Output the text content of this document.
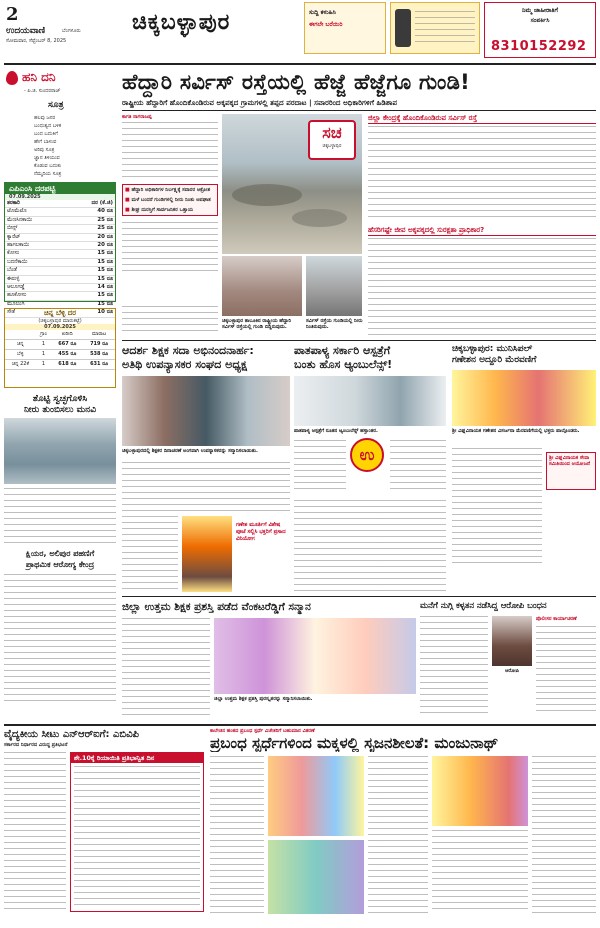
2
ಉದಯವಾಣಿ	ಬೆಂಗಳೂರು
ಸೋಮವಾರ, ಸೆಪ್ಟೆಂಬರ್ 8, 2025
ಚಿಕ್ಕಬಳ್ಳಾಪುರ	ಸುದ್ದಿ ಕಳುಹಿಸಿ
ಈಗಲೇ ಬರೆಯಿರಿ
ನಿಮ್ಮ ಜಾಹೀರಾತಿಗೆ
ಸಂಪರ್ಕಿಸಿ
8310152292
ಹನಿ ದನಿ
- ಪಿ.ಜಿ. ಸುಂದರರಾಜ್
ಸೂತ್ರ
ಹಲವು ಜನರ
ಬಂಧುತ್ವದ ಬಳಿಕ
ಬಂದ ಬದುಕಿಗೆ
ಹೇಗೆ ಬಾಳುವ
ಅರಿವು ಸೂತ್ರ
ಜ್ಞಾನ ತಿಳಿಯುವ
ಕೊಡುವ ಬದುಕು
ನೆಮ್ಮದಿಯ ಸೂತ್ರ
ಎಪಿಎಂಸಿ ದರಪಟ್ಟಿ
07.09.2025
ತರಕಾರಿ	ದರ (ಕೆ.ಜಿ)
ಟೊಮೆಟೊ	40 ರೂ
ಮೆಣಸಿನಕಾಯಿ	25 ರೂ
ಬೀನ್ಸ್	25 ರೂ
ಕ್ಯಾರೆಟ್	20 ರೂ
ಹಾಗಲಕಾಯಿ	20 ರೂ
ಕೋಸು	15 ರೂ
ಬದನೆಕಾಯಿ	15 ರೂ
ಬೆಂಡೆ	15 ರೂ
ಈರುಳ್ಳಿ	15 ರೂ
ಆಲೂಗಡ್ಡೆ	14 ರೂ
ಹೂಕೋಸು	15 ರೂ
ಮೂಲಂಗಿ	15 ರೂ
ಸೌತೆ	10 ರೂ
ಚಿನ್ನ ಬೆಳ್ಳಿ ದರ
(ಚಿಕ್ಕಬಳ್ಳಾಪುರ ಮಾರುಕಟ್ಟೆ)
07.09.2025
	ಗ್ರಾಂ	ಖರೀದಿ	ಮಾರಾಟ
ಚಿನ್ನ	1	667 ರೂ	719 ರೂ
ಬೆಳ್ಳಿ	1	455 ರೂ	538 ರೂ
ಚಿನ್ನ 22ಕೆ	1	618 ರೂ	631 ರೂ
ಹೆದ್ದಾರಿ ಸರ್ವಿಸ್ ರಸ್ತೆಯಲ್ಲಿ ಹೆಜ್ಜೆ ಹೆಜ್ಜೆಗೂ ಗುಂಡಿ!
ರಾಷ್ಟ್ರೀಯ ಹೆದ್ದಾರಿಗೆ ಹೊಂದಿಕೊಂಡಿರುವ ಅಕ್ಕಪಕ್ಕದ ಗ್ರಾಮಗಳಲ್ಲಿ ತಪ್ಪದ ಪರದಾಟ | ಸವಾರರಿಂದ ಅಧಿಕಾರಿಗಳಿಗೆ ಹಿಡಿಶಾಪ
ಕಾಗತಿ ನಾಗರಾಜಪ್ಪ
■ ಹೆದ್ದಾರಿ ಅಧಿಕಾರಿಗಳ ನಿರ್ಲಕ್ಷ್ಯಕ್ಕೆ ಸವಾರರ ಆಕ್ರೋಶ
■ ಮಳೆ ಬಂದರೆ ಗುಂಡಿಗಳಲ್ಲಿ ನೀರು ನಿಂತು ಅಪಘಾತ
■ ಶೀಘ್ರ ದುರಸ್ತಿಗೆ ಸಾರ್ವಜನಿಕರ ಒತ್ತಾಯ
ಸಚ
ಚಿಕ್ಕಬಳ್ಳಾಪುರ
ಚಿಕ್ಕಬಳ್ಳಾಪುರ ತಾಲೂಕಿನ ರಾಷ್ಟ್ರೀಯ ಹೆದ್ದಾರಿ ಸರ್ವಿಸ್ ರಸ್ತೆಯಲ್ಲಿ ಗುಂಡಿ ಬಿದ್ದಿರುವುದು.
ಸರ್ವಿಸ್ ರಸ್ತೆಯ ಗುಂಡಿಯಲ್ಲಿ ನೀರು ನಿಂತಿರುವುದು.
ಜಿಲ್ಲಾ ಕೇಂದ್ರಕ್ಕೆ ಹೊಂದಿಕೊಂಡಿರುವ ಸರ್ವಿಸ್ ರಸ್ತೆ
ಹೆಸರಿಗಷ್ಟೇ ಜೀವ ಅಕ್ಕಪಕ್ಕದಲ್ಲಿ ಸುರಕ್ಷತಾ ಪ್ರಾಧಿಕಾರ?
ಆದರ್ಶ ಶಿಕ್ಷಕ ಸದಾ ಅಭಿನಂದನಾರ್ಹ:
ಅತಿಥಿ ಉಪನ್ಯಾಸಕರ ಸಂಘದ ಅಧ್ಯಕ್ಷ
ಚಿಕ್ಕಬಳ್ಳಾಪುರದಲ್ಲಿ ಶಿಕ್ಷಕರ ದಿನಾಚರಣೆ ಅಂಗವಾಗಿ ಉಪನ್ಯಾಸಕರನ್ನು ಸನ್ಮಾನಿಸಲಾಯಿತು.
ಪಾತಪಾಳ್ಯ ಸರ್ಕಾರಿ ಆಸ್ಪತ್ರೆಗೆ
ಬಂತು ಹೊಸ ಆ್ಯಂಬುಲೆನ್ಸ್!
ಪಾತಪಾಳ್ಯ ಆಸ್ಪತ್ರೆಗೆ ನೂತನ ಆ್ಯಂಬುಲೆನ್ಸ್ ಹಸ್ತಾಂತರ.
ಉ
ಚಿಕ್ಕಬಳ್ಳಾಪುರ: ಮುನಿಸಿಪಲ್
ಗಣೇಶನ ಅದ್ದೂರಿ ಮೆರವಣಿಗೆ
ಶ್ರೀ ವಿಘ್ನವಿನಾಯಕ ಗಣೇಶನ ವಿಸರ್ಜನಾ ಮೆರವಣಿಗೆಯಲ್ಲಿ ಭಕ್ತರು ಪಾಲ್ಗೊಂಡರು.
ಶ್ರೀ ವಿಘ್ನವಿನಾಯಕ ಸೇವಾ ಸಮಿತಿಯಿಂದ ಆಯೋಜನೆ
ತೊಟ್ಟಿ ಸ್ವಚ್ಛಗೊಳಿಸಿ
ನೀರು ತುಂಬಿಸಲು ಮನವಿ
ಕ್ಷಿಯರ, ಅಲಿಪುರ ಪಹಣಿಗೆ
ಪ್ರಾಥಮಿಕ ಆರೋಗ್ಯ ಕೇಂದ್ರ
ಗಣೇಶ ಮೂರ್ತಿಗೆ ವಿಶೇಷ ಪೂಜೆ ಸಲ್ಲಿಸಿ ಭಕ್ತರಿಗೆ ಪ್ರಸಾದ ವಿನಿಯೋಗ
ಜಿಲ್ಲಾ ಉತ್ತಮ ಶಿಕ್ಷಕ ಪ್ರಶಸ್ತಿ ಪಡೆದ ವೆಂಕಟರೆಡ್ಡಿಗೆ ಸನ್ಮಾನ
ಜಿಲ್ಲಾ ಉತ್ತಮ ಶಿಕ್ಷಕ ಪ್ರಶಸ್ತಿ ಪುರಸ್ಕೃತರನ್ನು ಸನ್ಮಾನಿಸಲಾಯಿತು.
ಮನೆಗೆ ನುಗ್ಗಿ ಕಳ್ಳತನ ನಡೆಸಿದ್ದ ಆರೋಪಿ ಬಂಧನ
ಆರೋಪಿ
ಪೊಲೀಸರ ಕಾರ್ಯಾಚರಣೆ
ವೈದ್ಯಕೀಯ ಸೀಟು ಎನ್‌ಆರ್‌ಐಗೆ: ಎಬಿವಿಪಿ
ಸರ್ಕಾರದ ನಿರ್ಧಾರದ ವಿರುದ್ಧ ಪ್ರತಿಭಟನೆ
ಶೇ.10ಕ್ಕೆ ರಿಯಾಯಿತಿ ಪ್ರತಿಭಾನ್ವಿತ ದಿನ
ಕಾಲೇಜಿನ ಹಂತದ ಪ್ರಬಂಧ ಸ್ಪರ್ಧೆ ವಿಜೇತರಿಗೆ ಬಹುಮಾನ ವಿತರಣೆ
ಪ್ರಬಂಧ ಸ್ಪರ್ಧೆಗಳಿಂದ ಮಕ್ಕಳಲ್ಲಿ ಸೃಜನಶೀಲತೆ: ಮಂಜುನಾಥ್
